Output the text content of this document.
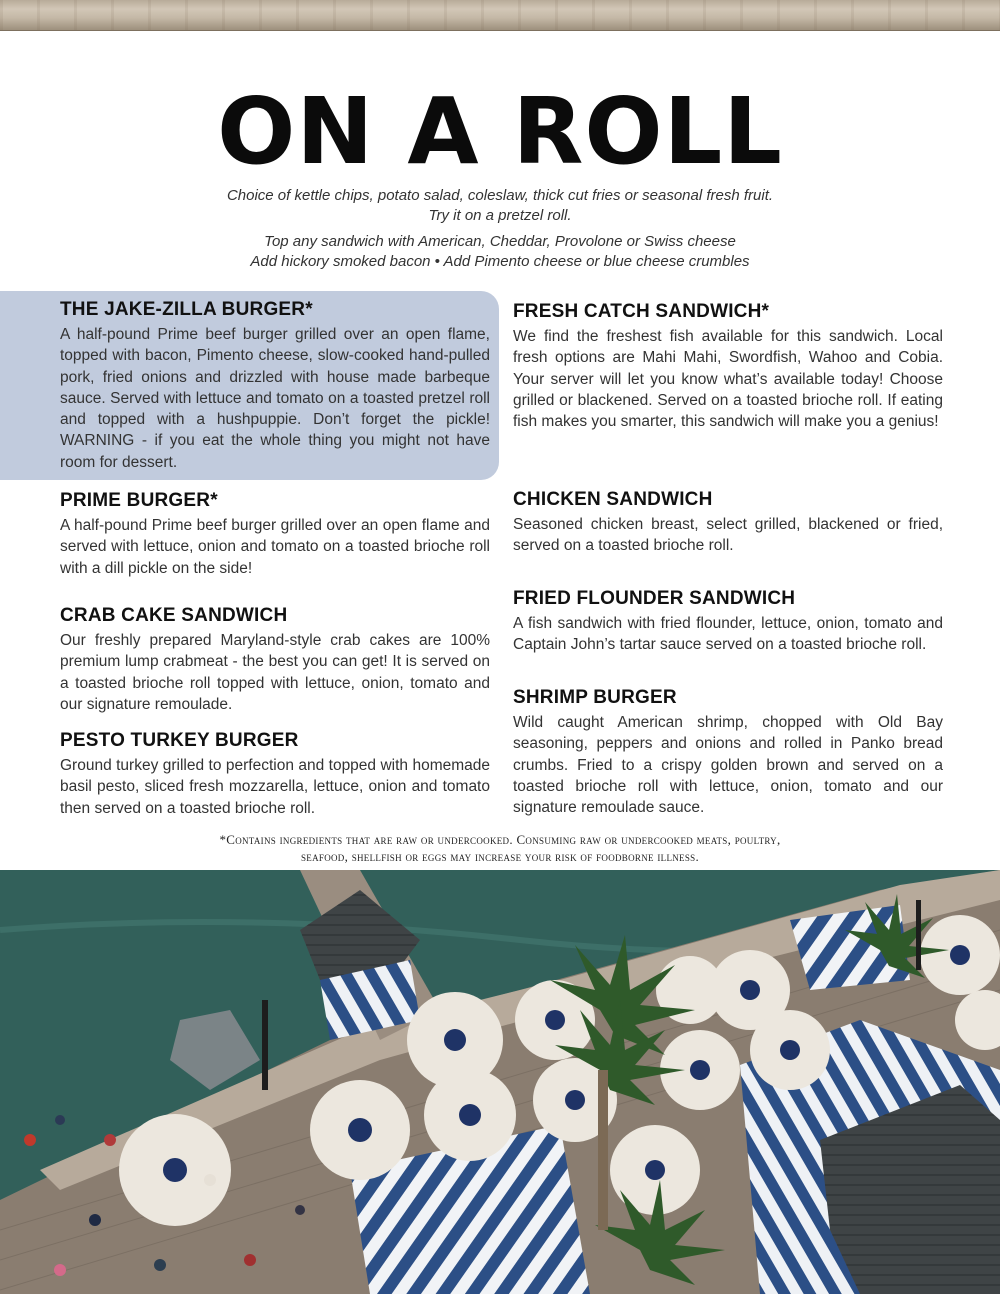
ON A ROLL
Choice of kettle chips, potato salad, coleslaw, thick cut fries or seasonal fresh fruit.
Try it on a pretzel roll.
Top any sandwich with American, Cheddar, Provolone or Swiss cheese
Add hickory smoked bacon • Add Pimento cheese or blue cheese crumbles
THE JAKE-ZILLA BURGER*

A half-pound Prime beef burger grilled over an open flame, topped with bacon, Pimento cheese, slow-cooked hand-pulled pork, fried onions and drizzled with house made barbeque sauce. Served with lettuce and tomato on a toasted pretzel roll and topped with a hushpuppie. Don’t forget the pickle! WARNING - if you eat the whole thing you might not have room for dessert.

PRIME BURGER*

A half-pound Prime beef burger grilled over an open flame and served with lettuce, onion and tomato on a toasted brioche roll with a dill pickle on the side!

CRAB CAKE SANDWICH

Our freshly prepared Maryland-style crab cakes are 100% premium lump crabmeat - the best you can get! It is served on a toasted brioche roll topped with lettuce, onion, tomato and our signature remoulade.

PESTO TURKEY BURGER

Ground turkey grilled to perfection and topped with homemade basil pesto, sliced fresh mozzarella, lettuce, onion and tomato then served on a toasted brioche roll.

FRESH CATCH SANDWICH*

We find the freshest fish available for this sandwich. Local fresh options are Mahi Mahi, Swordfish, Wahoo and Cobia. Your server will let you know what’s available today! Choose grilled or blackened. Served on a toasted brioche roll. If eating fish makes you smarter, this sandwich will make you a genius!

CHICKEN SANDWICH

Seasoned chicken breast, select grilled, blackened or fried, served on a toasted brioche roll.

FRIED FLOUNDER SANDWICH

A fish sandwich with fried flounder, lettuce, onion, tomato and Captain John’s tartar sauce served on a toasted brioche roll.

SHRIMP BURGER

Wild caught American shrimp, chopped with Old Bay seasoning, peppers and onions and rolled in Panko bread crumbs. Fried to a crispy golden brown and served on a toasted brioche roll with lettuce, onion, tomato and our signature remoulade sauce.

*Contains ingredients that are raw or undercooked. Consuming raw or undercooked meats, poultry,
seafood, shellfish or eggs may increase your risk of foodborne illness.
